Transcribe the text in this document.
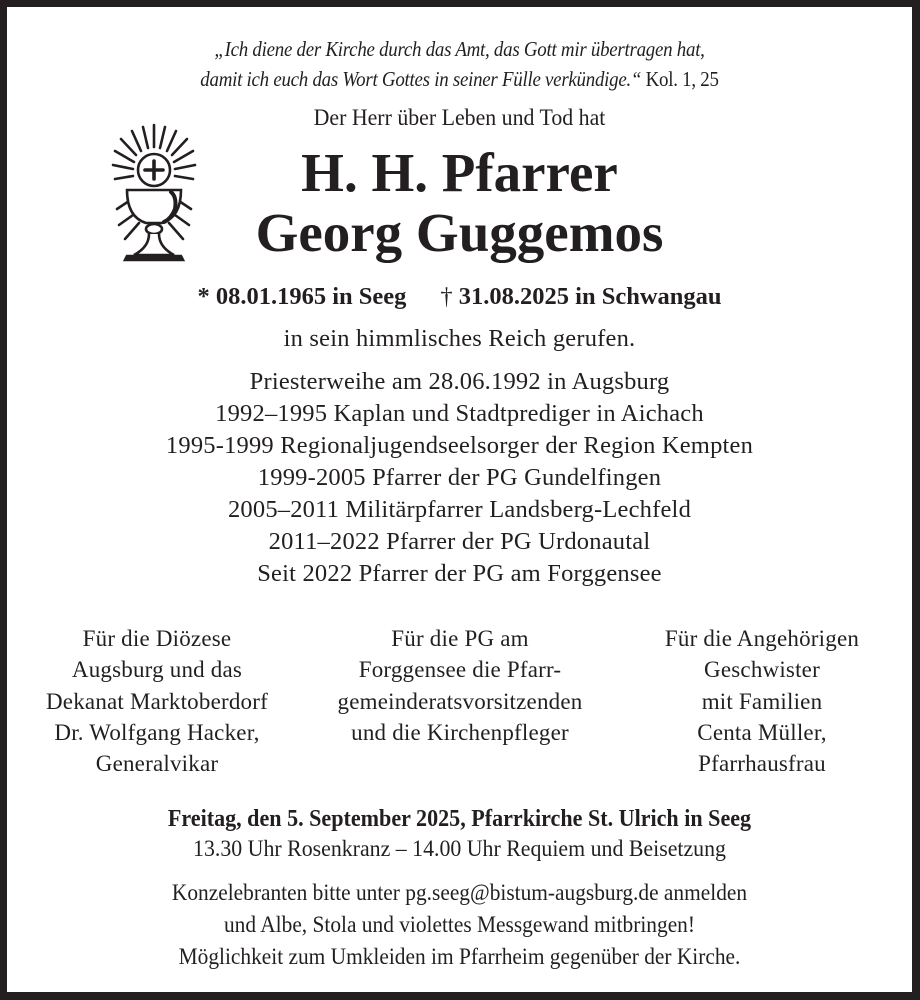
„Ich diene der Kirche durch das Amt, das Gott mir übertragen hat,
damit ich euch das Wort Gottes in seiner Fülle verkündige.“ Kol. 1, 25
Der Herr über Leben und Tod hat
H. H. Pfarrer
Georg Guggemos
* 08.01.1965 in Seeg † 31.08.2025 in Schwangau
in sein himmlisches Reich gerufen.
Priesterweihe am 28.06.1992 in Augsburg
1992–1995 Kaplan und Stadtprediger in Aichach
1995-1999 Regionaljugendseelsorger der Region Kempten
1999-2005 Pfarrer der PG Gundelfingen
2005–2011 Militärpfarrer Landsberg-Lechfeld
2011–2022 Pfarrer der PG Urdonautal
Seit 2022 Pfarrer der PG am Forggensee
Für die Diözese
Augsburg und das
Dekanat Marktoberdorf
Dr. Wolfgang Hacker,
Generalvikar
Für die PG am
Forggensee die Pfarr-
gemeinderatsvorsitzenden
und die Kirchenpfleger
Für die Angehörigen
Geschwister
mit Familien
Centa Müller,
Pfarrhausfrau
Freitag, den 5. September 2025, Pfarrkirche St. Ulrich in Seeg
13.30 Uhr Rosenkranz – 14.00 Uhr Requiem und Beisetzung
Konzelebranten bitte unter pg.seeg@bistum-augsburg.de anmelden
und Albe, Stola und violettes Messgewand mitbringen!
Möglichkeit zum Umkleiden im Pfarrheim gegenüber der Kirche.
